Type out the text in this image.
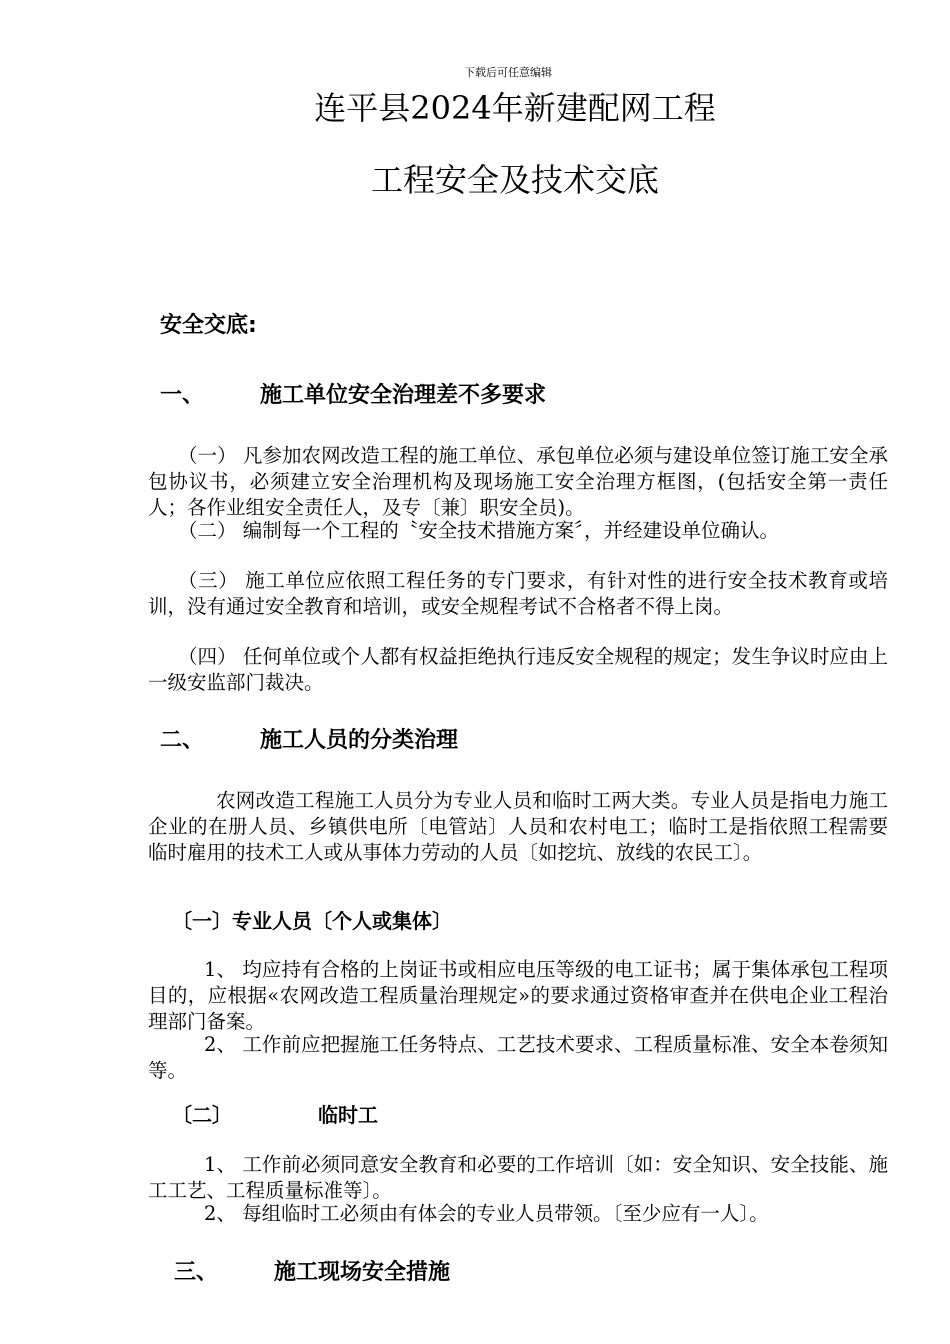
下载后可任意编辑
连平县2024年新建配网工程
工程安全及技术交底
安全交底:
一、	施工单位安全治理差不多要求
（一） 凡参加农网改造工程的施工单位、承包单位必须与建设单位签订施工安全承包协议书，必须建立安全治理机构及现场施工安全治理方框图，(包括安全第一责任人；各作业组安全责任人，及专〔兼〕职安全员)。
（二） 编制每一个工程的〝安全技术措施方案〞，并经建设单位确认。
（三） 施工单位应依照工程任务的专门要求，有针对性的进行安全技术教育或培训，没有通过安全教育和培训，或安全规程考试不合格者不得上岗。
（四） 任何单位或个人都有权益拒绝执行违反安全规程的规定；发生争议时应由上一级安监部门裁决。
二、	施工人员的分类治理
农网改造工程施工人员分为专业人员和临时工两大类。专业人员是指电力施工企业的在册人员、乡镇供电所〔电管站〕人员和农村电工；临时工是指依照工程需要临时雇用的技术工人或从事体力劳动的人员〔如挖坑、放线的农民工〕。
〔一〕专业人员〔个人或集体〕
1、 均应持有合格的上岗证书或相应电压等级的电工证书；属于集体承包工程项目的，应根据«农网改造工程质量治理规定»的要求通过资格审查并在供电企业工程治理部门备案。
2、 工作前应把握施工任务特点、工艺技术要求、工程质量标准、安全本卷须知等。
〔二〕	临时工
1、 工作前必须同意安全教育和必要的工作培训〔如：安全知识、安全技能、施工工艺、工程质量标准等〕。
2、 每组临时工必须由有体会的专业人员带领。〔至少应有一人〕。
三、	施工现场安全措施
